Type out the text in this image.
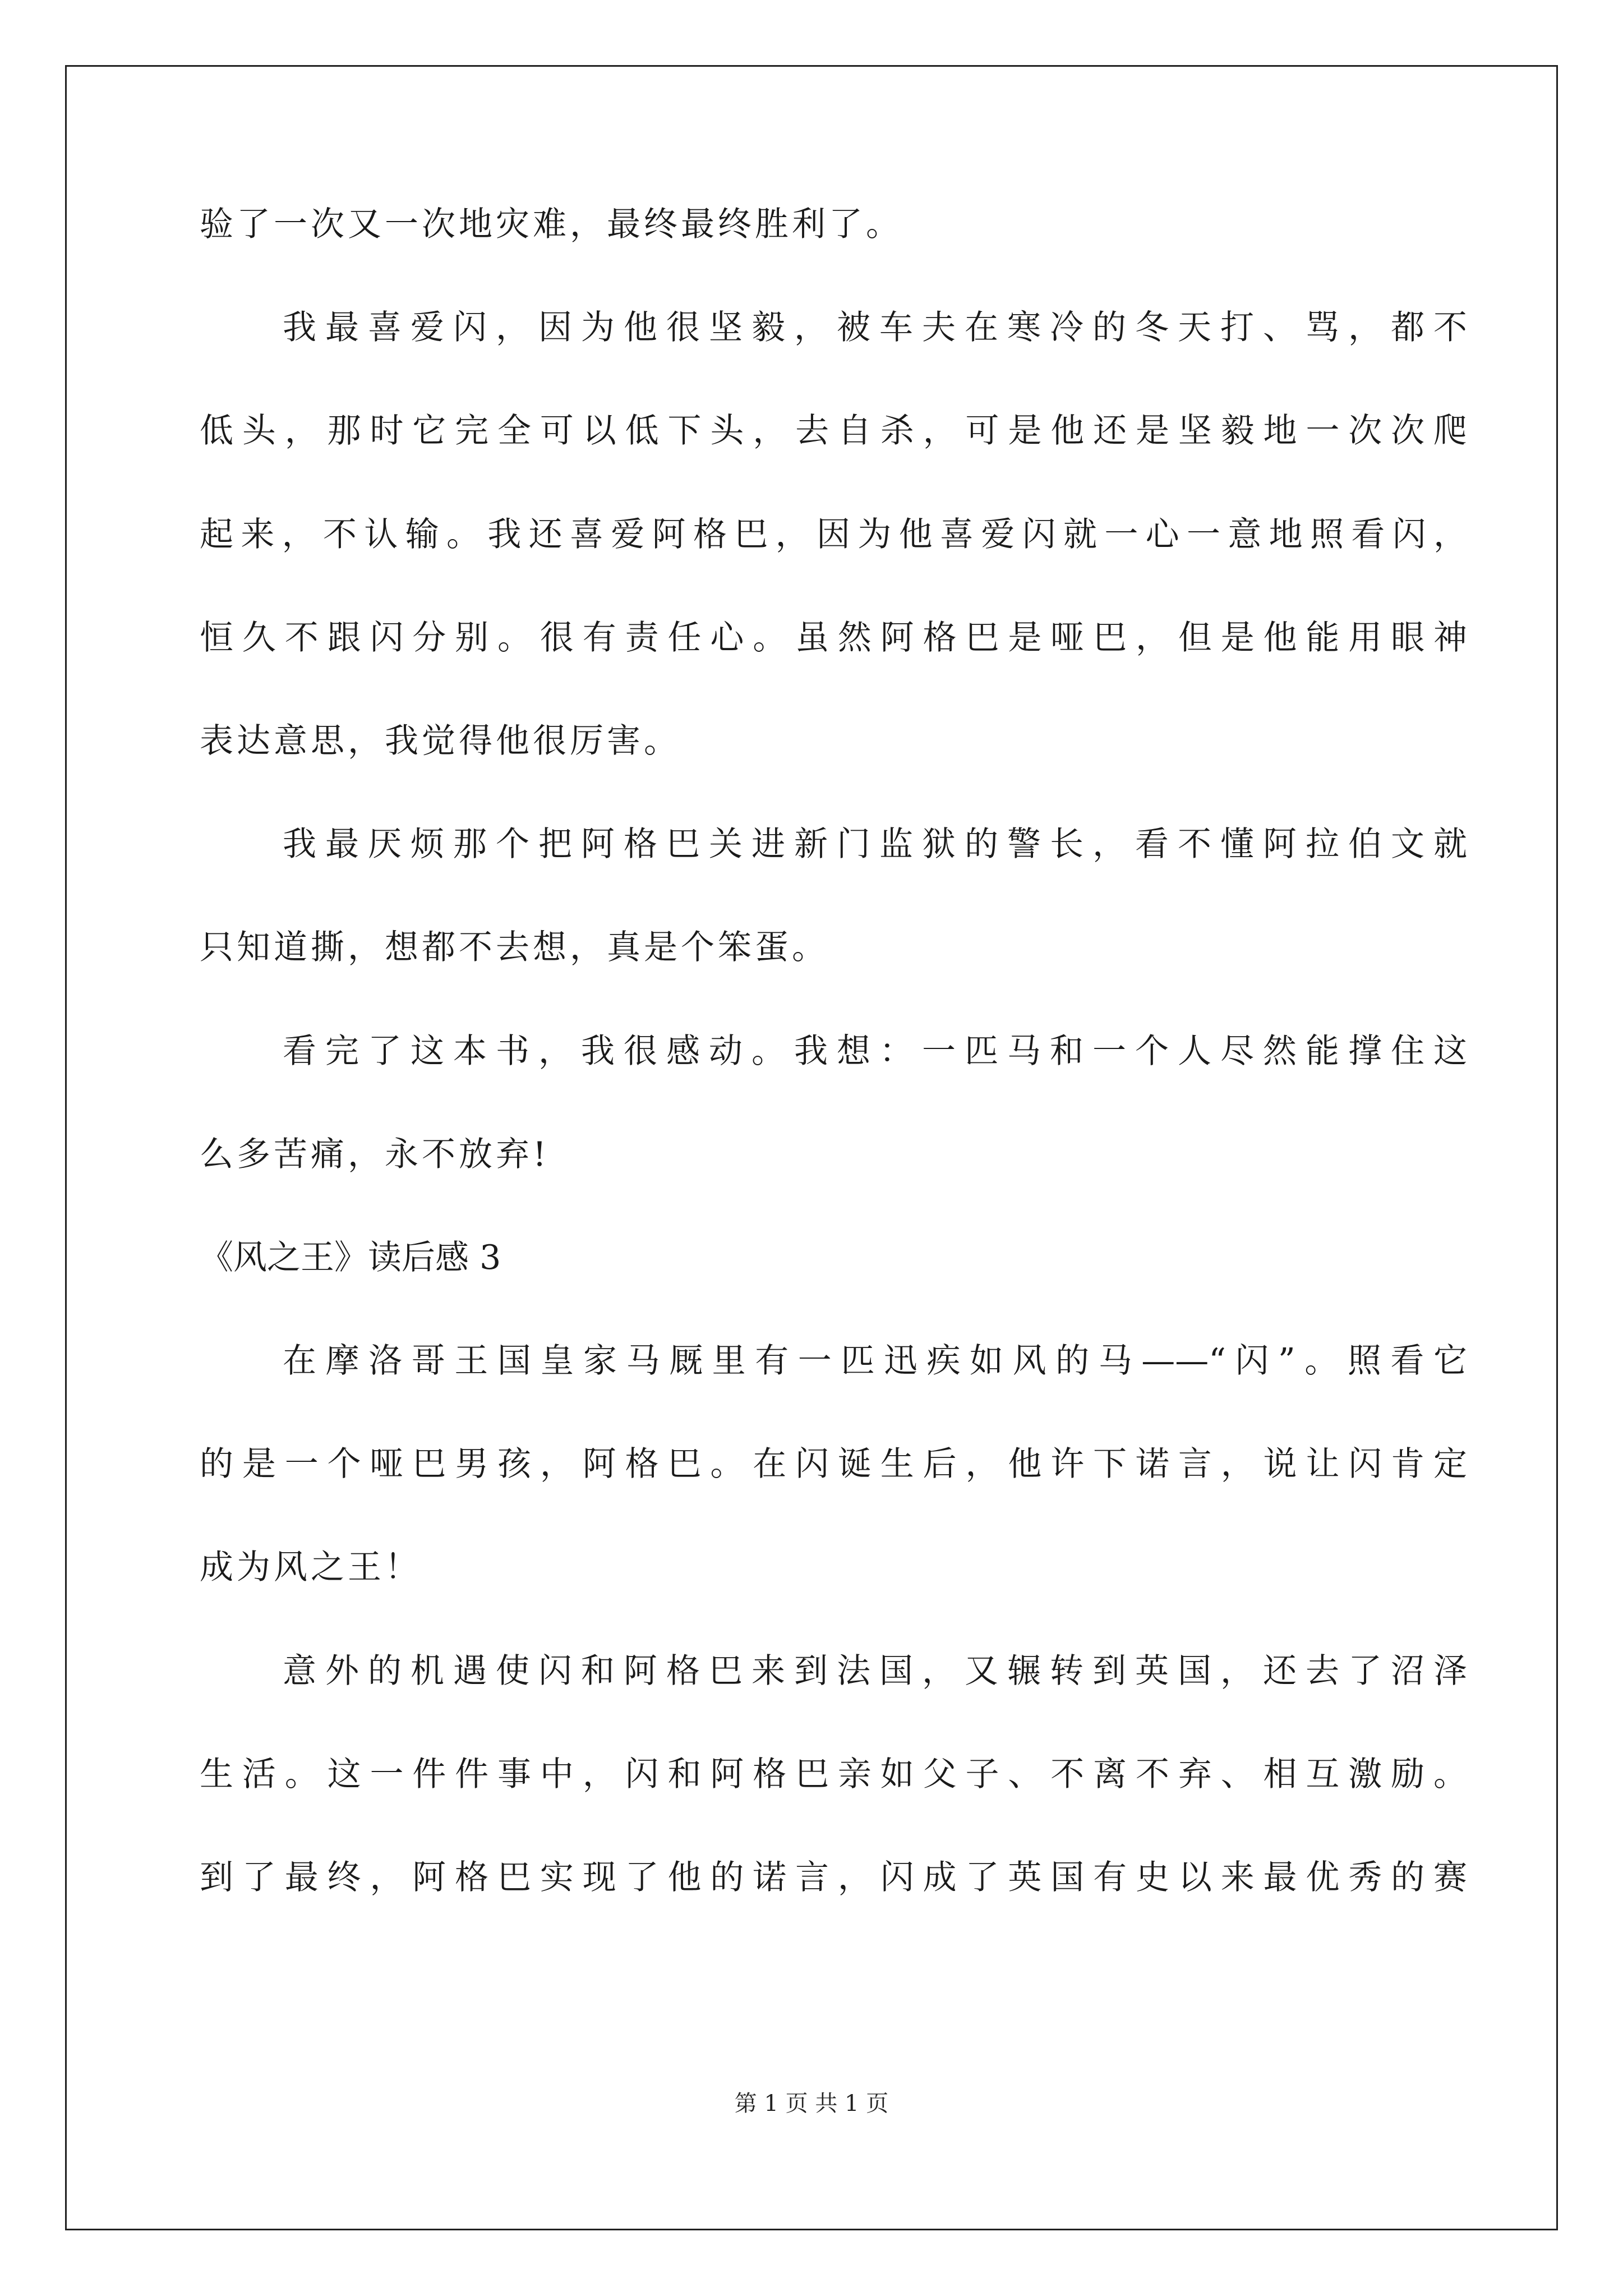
验了一次又一次地灾难，最终最终胜利了。
我最喜爱闪，因为他很坚毅，被车夫在寒冷的冬天打、骂，都不
低头，那时它完全可以低下头，去自杀，可是他还是坚毅地一次次爬
起来，不认输。我还喜爱阿格巴，因为他喜爱闪就一心一意地照看闪，
恒久不跟闪分别。很有责任心。虽然阿格巴是哑巴，但是他能用眼神
表达意思，我觉得他很厉害。
我最厌烦那个把阿格巴关进新门监狱的警长，看不懂阿拉伯文就
只知道撕，想都不去想，真是个笨蛋。
看完了这本书，我很感动。我想：一匹马和一个人尽然能撑住这
么多苦痛，永不放弃!
《风之王》读后感 3
在摩洛哥王国皇家马厩里有一匹迅疾如风的马——“闪”。照看它
的是一个哑巴男孩，阿格巴。在闪诞生后，他许下诺言，说让闪肯定
成为风之王！
意外的机遇使闪和阿格巴来到法国，又辗转到英国，还去了沼泽
生活。这一件件事中，闪和阿格巴亲如父子、不离不弃、相互激励。
到了最终，阿格巴实现了他的诺言，闪成了英国有史以来最优秀的赛
第 1 页 共 1 页
